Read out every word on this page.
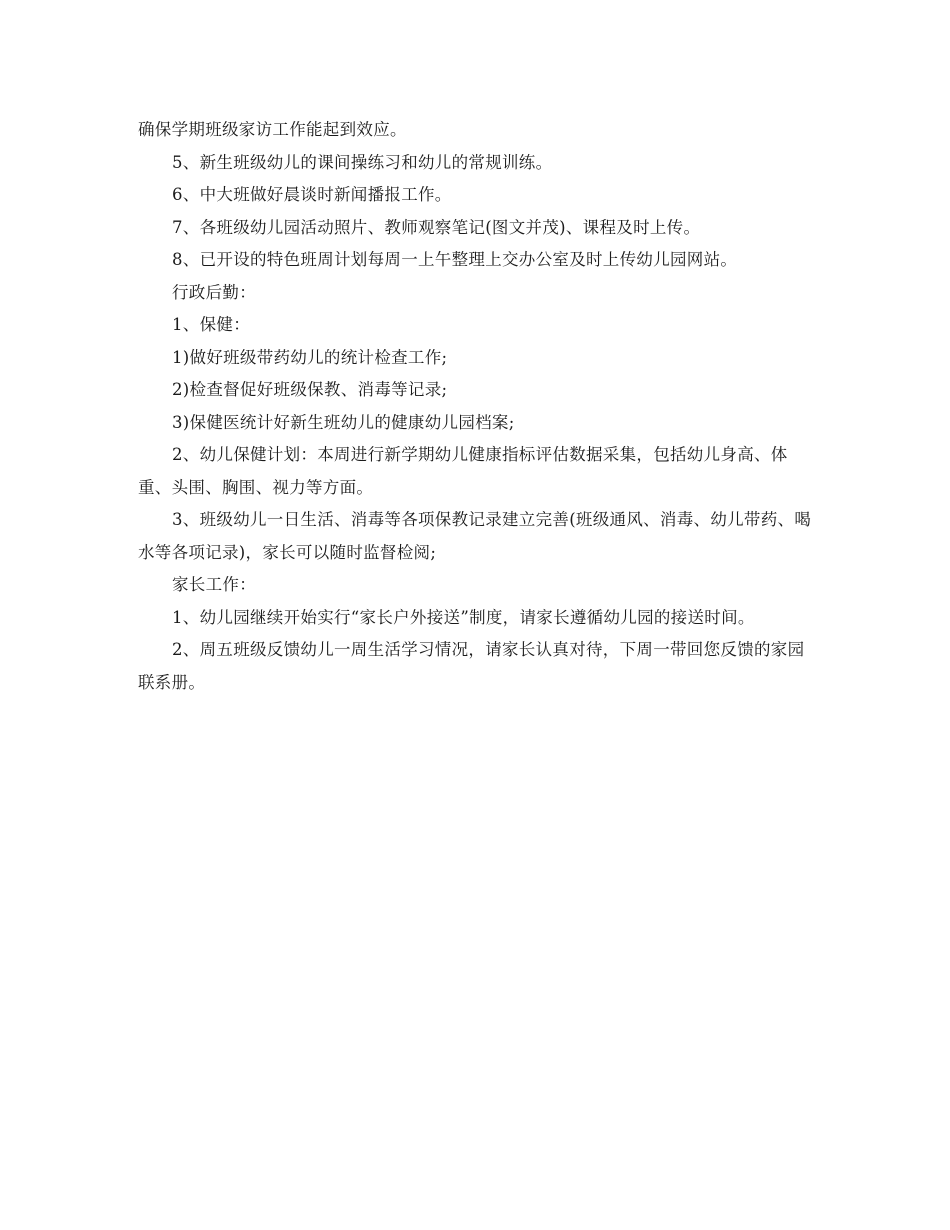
确保学期班级家访工作能起到效应。

5、新生班级幼儿的课间操练习和幼儿的常规训练。

6、中大班做好晨谈时新闻播报工作。

7、各班级幼儿园活动照片、教师观察笔记(图文并茂)、课程及时上传。

8、已开设的特色班周计划每周一上午整理上交办公室及时上传幼儿园网站。

行政后勤：

1、保健：

1)做好班级带药幼儿的统计检查工作;

2)检查督促好班级保教、消毒等记录;

3)保健医统计好新生班幼儿的健康幼儿园档案;

2、幼儿保健计划：本周进行新学期幼儿健康指标评估数据采集，包括幼儿身高、体重、头围、胸围、视力等方面。

3、班级幼儿一日生活、消毒等各项保教记录建立完善(班级通风、消毒、幼儿带药、喝水等各项记录)，家长可以随时监督检阅;

家长工作：

1、幼儿园继续开始实行“家长户外接送”制度，请家长遵循幼儿园的接送时间。

2、周五班级反馈幼儿一周生活学习情况，请家长认真对待，下周一带回您反馈的家园联系册。
